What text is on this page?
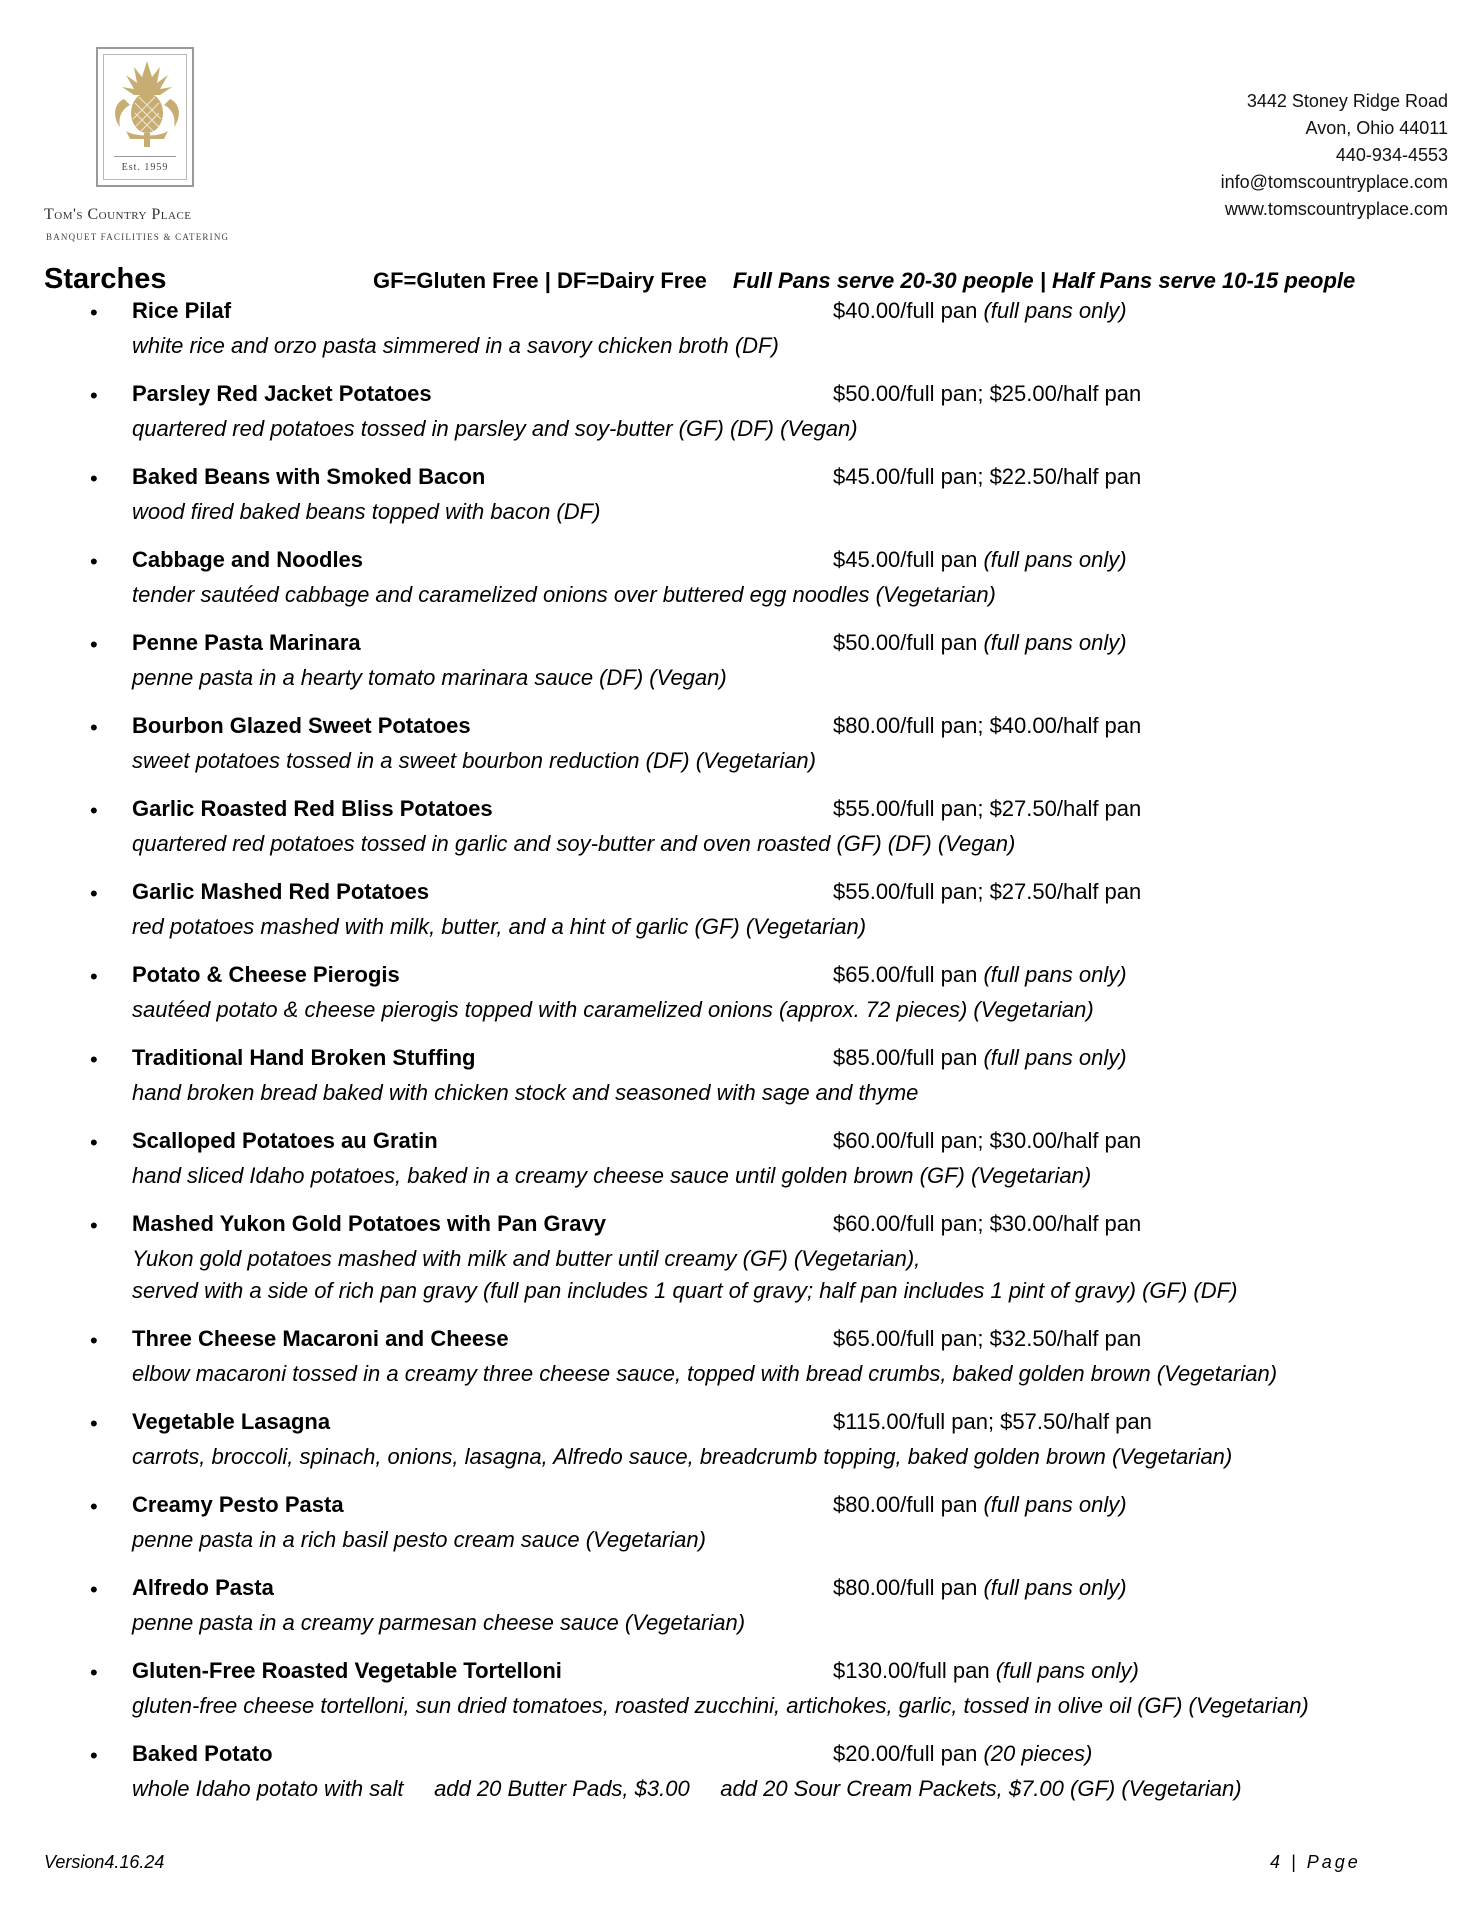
Est. 1959
Tom's Country Place
BANQUET FACILITIES & CATERING
3442 Stoney Ridge Road
Avon, Ohio 44011
440-934-4553
info@tomscountryplace.com
www.tomscountryplace.com
Starches	GF=Gluten Free | DF=Dairy Free Full Pans serve 20-30 people | Half Pans serve 10-15 people
• Rice Pilaf	$40.00/full pan (full pans only)
white rice and orzo pasta simmered in a savory chicken broth (DF)
• Parsley Red Jacket Potatoes	$50.00/full pan; $25.00/half pan
quartered red potatoes tossed in parsley and soy-butter (GF) (DF) (Vegan)
• Baked Beans with Smoked Bacon	$45.00/full pan; $22.50/half pan
wood fired baked beans topped with bacon (DF)
• Cabbage and Noodles	$45.00/full pan (full pans only)
tender sautéed cabbage and caramelized onions over buttered egg noodles (Vegetarian)
• Penne Pasta Marinara	$50.00/full pan (full pans only)
penne pasta in a hearty tomato marinara sauce (DF) (Vegan)
• Bourbon Glazed Sweet Potatoes	$80.00/full pan; $40.00/half pan
sweet potatoes tossed in a sweet bourbon reduction (DF) (Vegetarian)
• Garlic Roasted Red Bliss Potatoes	$55.00/full pan; $27.50/half pan
quartered red potatoes tossed in garlic and soy-butter and oven roasted (GF) (DF) (Vegan)
• Garlic Mashed Red Potatoes	$55.00/full pan; $27.50/half pan
red potatoes mashed with milk, butter, and a hint of garlic (GF) (Vegetarian)
• Potato & Cheese Pierogis	$65.00/full pan (full pans only)
sautéed potato & cheese pierogis topped with caramelized onions (approx. 72 pieces) (Vegetarian)
• Traditional Hand Broken Stuffing	$85.00/full pan (full pans only)
hand broken bread baked with chicken stock and seasoned with sage and thyme
• Scalloped Potatoes au Gratin	$60.00/full pan; $30.00/half pan
hand sliced Idaho potatoes, baked in a creamy cheese sauce until golden brown (GF) (Vegetarian)
• Mashed Yukon Gold Potatoes with Pan Gravy	$60.00/full pan; $30.00/half pan
Yukon gold potatoes mashed with milk and butter until creamy (GF) (Vegetarian),
served with a side of rich pan gravy (full pan includes 1 quart of gravy; half pan includes 1 pint of gravy) (GF) (DF)
• Three Cheese Macaroni and Cheese	$65.00/full pan; $32.50/half pan
elbow macaroni tossed in a creamy three cheese sauce, topped with bread crumbs, baked golden brown (Vegetarian)
• Vegetable Lasagna	$115.00/full pan; $57.50/half pan
carrots, broccoli, spinach, onions, lasagna, Alfredo sauce, breadcrumb topping, baked golden brown (Vegetarian)
• Creamy Pesto Pasta	$80.00/full pan (full pans only)
penne pasta in a rich basil pesto cream sauce (Vegetarian)
• Alfredo Pasta	$80.00/full pan (full pans only)
penne pasta in a creamy parmesan cheese sauce (Vegetarian)
• Gluten-Free Roasted Vegetable Tortelloni	$130.00/full pan (full pans only)
gluten-free cheese tortelloni, sun dried tomatoes, roasted zucchini, artichokes, garlic, tossed in olive oil (GF) (Vegetarian)
• Baked Potato	$20.00/full pan (20 pieces)
whole Idaho potato with salt     add 20 Butter Pads, $3.00     add 20 Sour Cream Packets, $7.00 (GF) (Vegetarian)
Version4.16.24	4 | Page
